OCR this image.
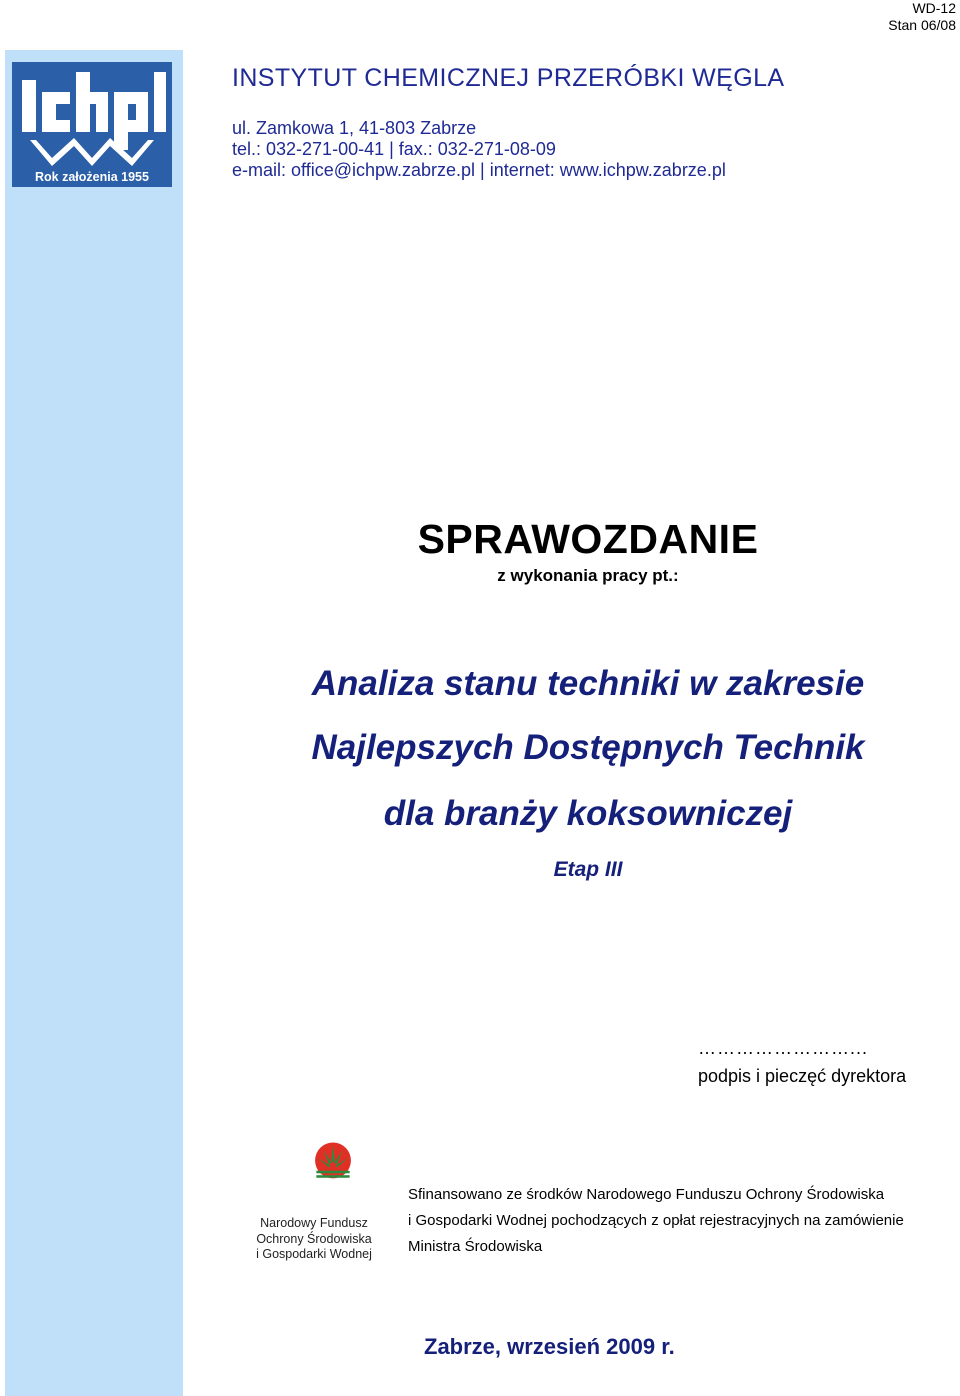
WD-12
Stan 06/08
Rok założenia 1955
INSTYTUT CHEMICZNEJ PRZERÓBKI WĘGLA
ul. Zamkowa 1, 41-803 Zabrze
tel.: 032-271-00-41 | fax.: 032-271-08-09
e-mail: office@ichpw.zabrze.pl | internet: www.ichpw.zabrze.pl
SPRAWOZDANIE
z wykonania pracy pt.:
Analiza stanu techniki w zakresie
Najlepszych Dostępnych Technik
dla branży koksowniczej
Etap III
……………………...
podpis i pieczęć dyrektora
Narodowy Fundusz
Ochrony Środowiska
i Gospodarki Wodnej
Sfinansowano ze środków Narodowego Funduszu Ochrony Środowiska
i Gospodarki Wodnej pochodzących z opłat rejestracyjnych na zamówienie
Ministra Środowiska
Zabrze, wrzesień 2009 r.
